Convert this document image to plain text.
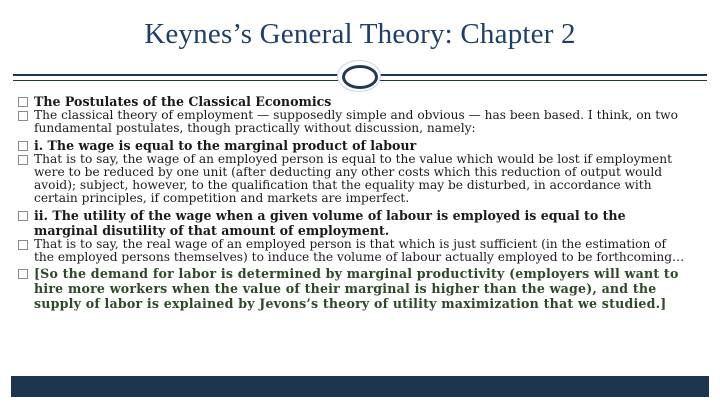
Keynes’s General Theory: Chapter 2
The Postulates of the Classical Economics
The classical theory of employment — supposedly simple and obvious — has been based. I think, on two fundamental postulates, though practically without discussion, namely:
i. The wage is equal to the marginal product of labour
That is to say, the wage of an employed person is equal to the value which would be lost if employment were to be reduced by one unit (after deducting any other costs which this reduction of output would avoid); subject, however, to the qualification that the equality may be disturbed, in accordance with certain principles, if competition and markets are imperfect.
ii. The utility of the wage when a given volume of labour is employed is equal to the marginal disutility of that amount of employment.
That is to say, the real wage of an employed person is that which is just sufficient (in the estimation of the employed persons themselves) to induce the volume of labour actually employed to be forthcoming…
[So the demand for labor is determined by marginal productivity (employers will want to hire more workers when the value of their marginal is higher than the wage), and the supply of labor is explained by Jevons’s theory of utility maximization that we studied.]
